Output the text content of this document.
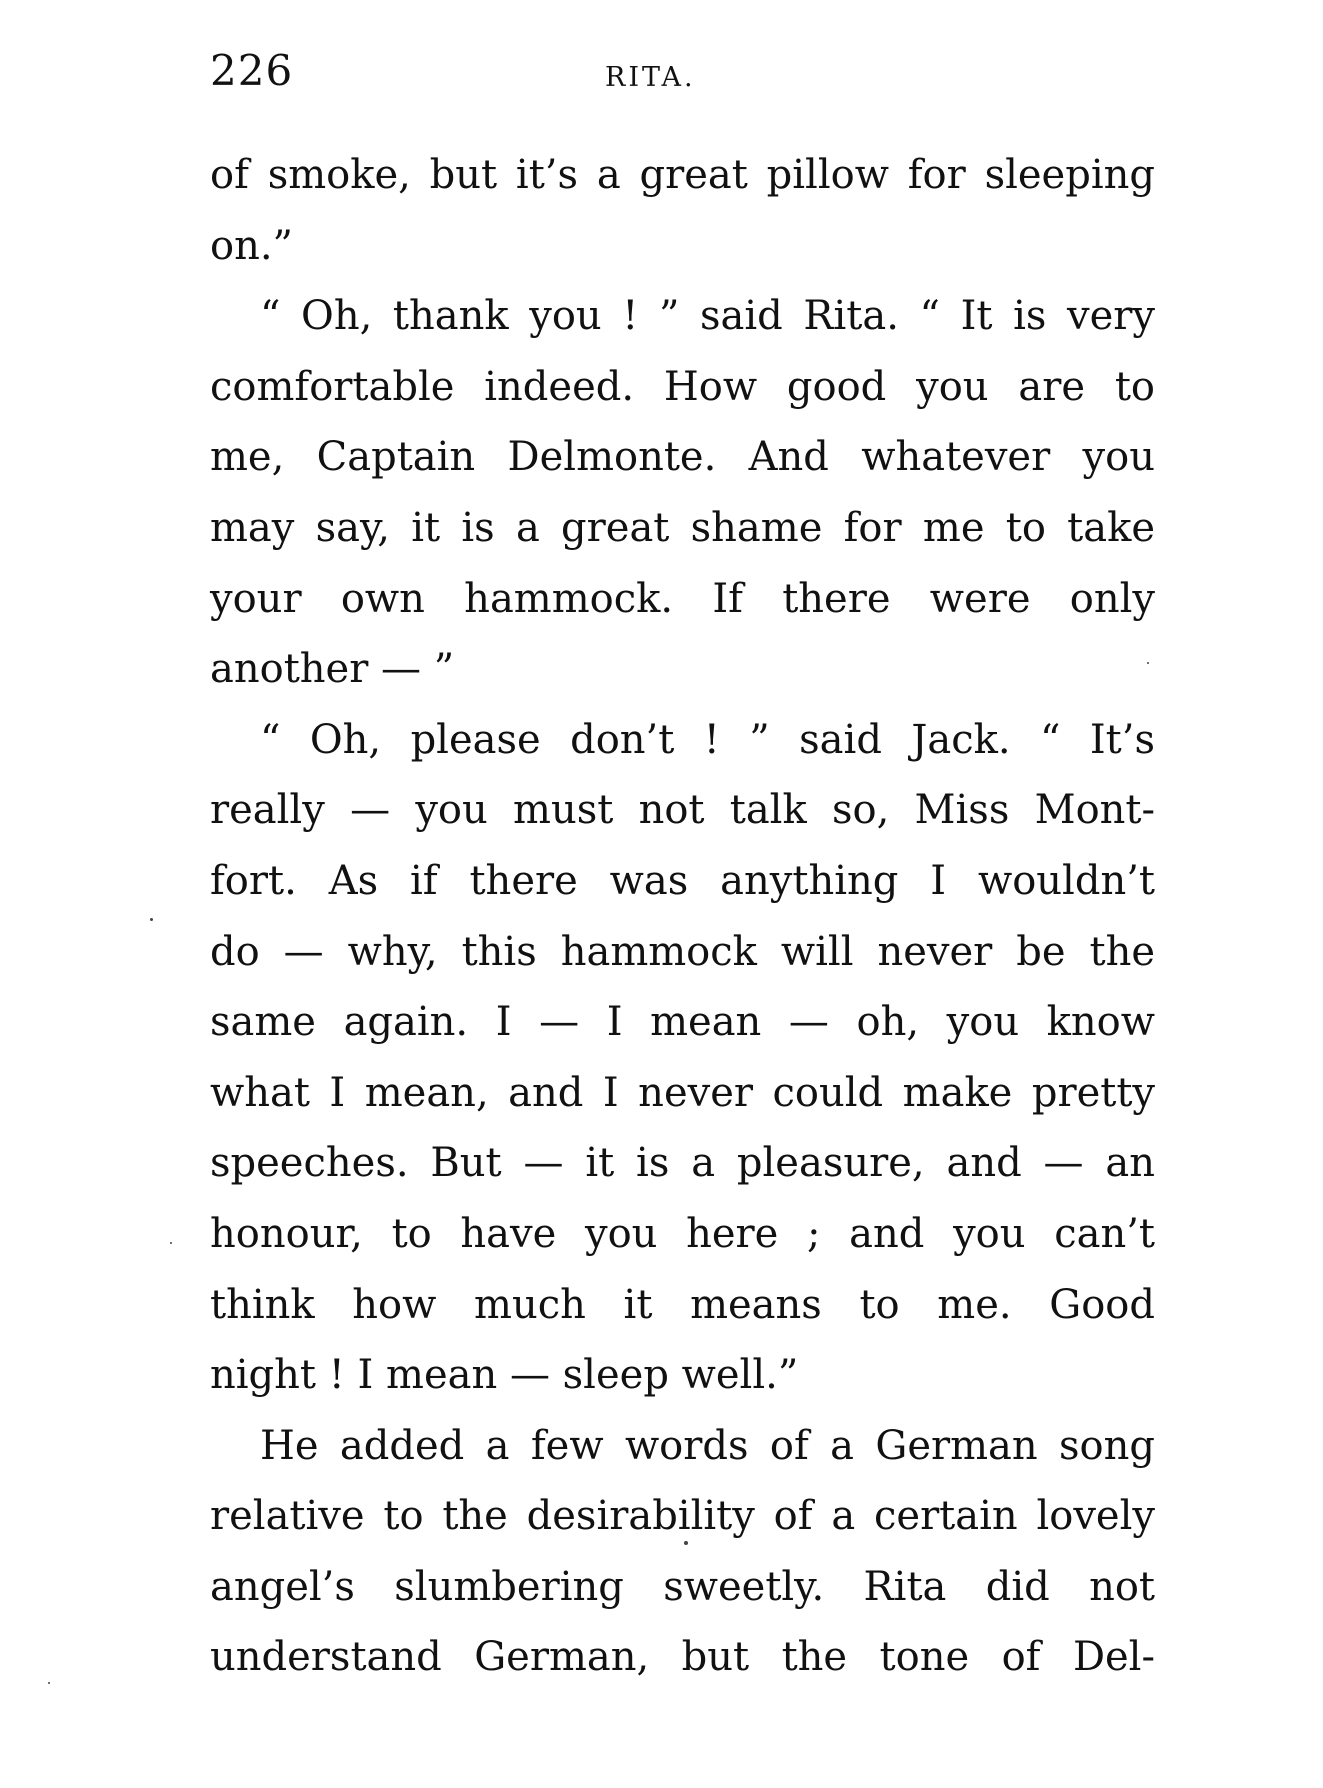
226	RITA.
of smoke, but it’s a great pillow for sleeping
on.”
“ Oh, thank you ! ” said Rita. “ It is very
comfortable indeed. How good you are to
me, Captain Delmonte. And whatever you
may say, it is a great shame for me to take
your own hammock. If there were only
another — ”
“ Oh, please don’t ! ” said Jack. “ It’s
really — you must not talk so, Miss Mont-
fort. As if there was anything I wouldn’t
do — why, this hammock will never be the
same again. I — I mean — oh, you know
what I mean, and I never could make pretty
speeches. But — it is a pleasure, and — an
honour, to have you here ; and you can’t
think how much it means to me. Good
night ! I mean — sleep well.”
He added a few words of a German song
relative to the desirability of a certain lovely
angel’s slumbering sweetly. Rita did not
understand German, but the tone of Del-
